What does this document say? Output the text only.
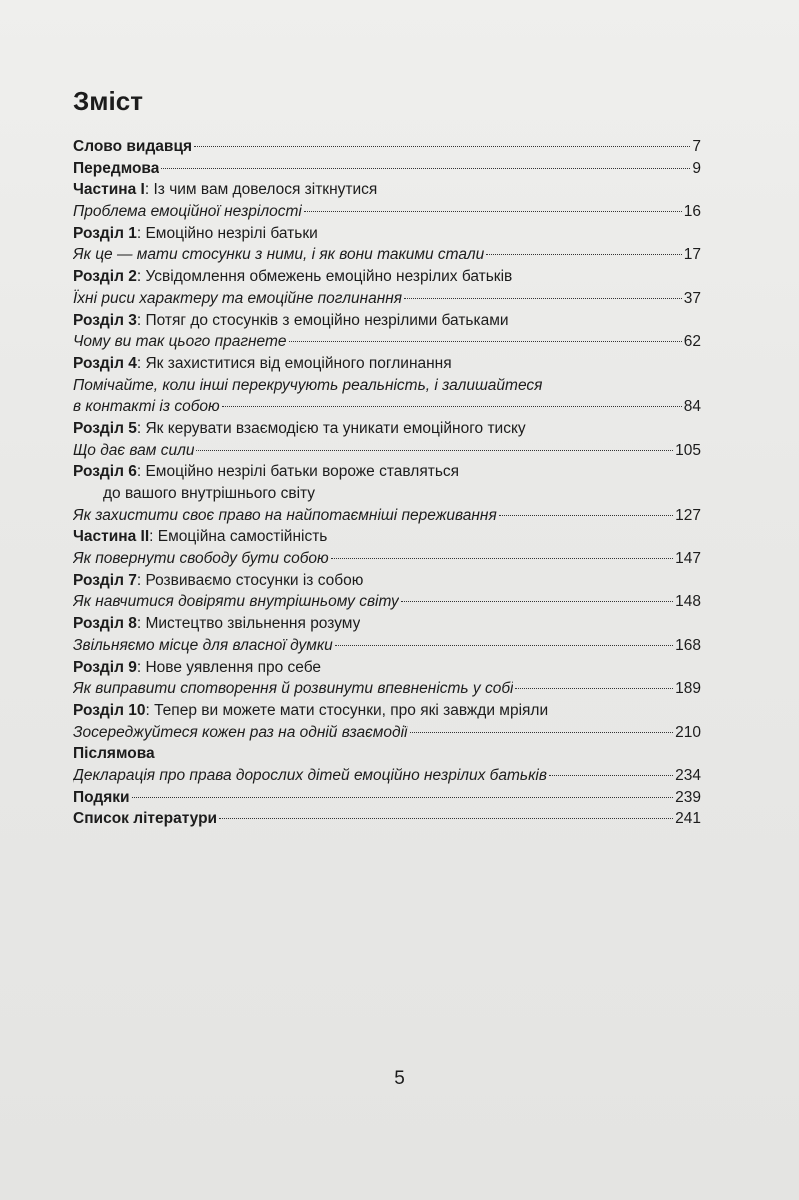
Зміст
Слово видавця	7
Передмова	9
Частина I: Із чим вам довелося зіткнутися
Проблема емоційної незрілості	16
Розділ 1: Емоційно незрілі батьки
Як це — мати стосунки з ними, і як вони такими стали	17
Розділ 2: Усвідомлення обмежень емоційно незрілих батьків
Їхні риси характеру та емоційне поглинання	37
Розділ 3: Потяг до стосунків з емоційно незрілими батьками
Чому ви так цього прагнете	62
Розділ 4: Як захиститися від емоційного поглинання
Помічайте, коли інші перекручують реальність, і залишайтеся
в контакті із собою	84
Розділ 5: Як керувати взаємодією та уникати емоційного тиску
Що дає вам сили	105
Розділ 6: Емоційно незрілі батьки вороже ставляться
до вашого внутрішнього світу
Як захистити своє право на найпотаємніші переживання	127
Частина II: Емоційна самостійність
Як повернути свободу бути собою	147
Розділ 7: Розвиваємо стосунки із собою
Як навчитися довіряти внутрішньому світу	148
Розділ 8: Мистецтво звільнення розуму
Звільняємо місце для власної думки	168
Розділ 9: Нове уявлення про себе
Як виправити спотворення й розвинути впевненість у собі	189
Розділ 10: Тепер ви можете мати стосунки, про які завжди мріяли
Зосереджуйтеся кожен раз на одній взаємодії	210
Післямова
Декларація про права дорослих дітей емоційно незрілих батьків	234
Подяки	239
Список літератури	241
5
